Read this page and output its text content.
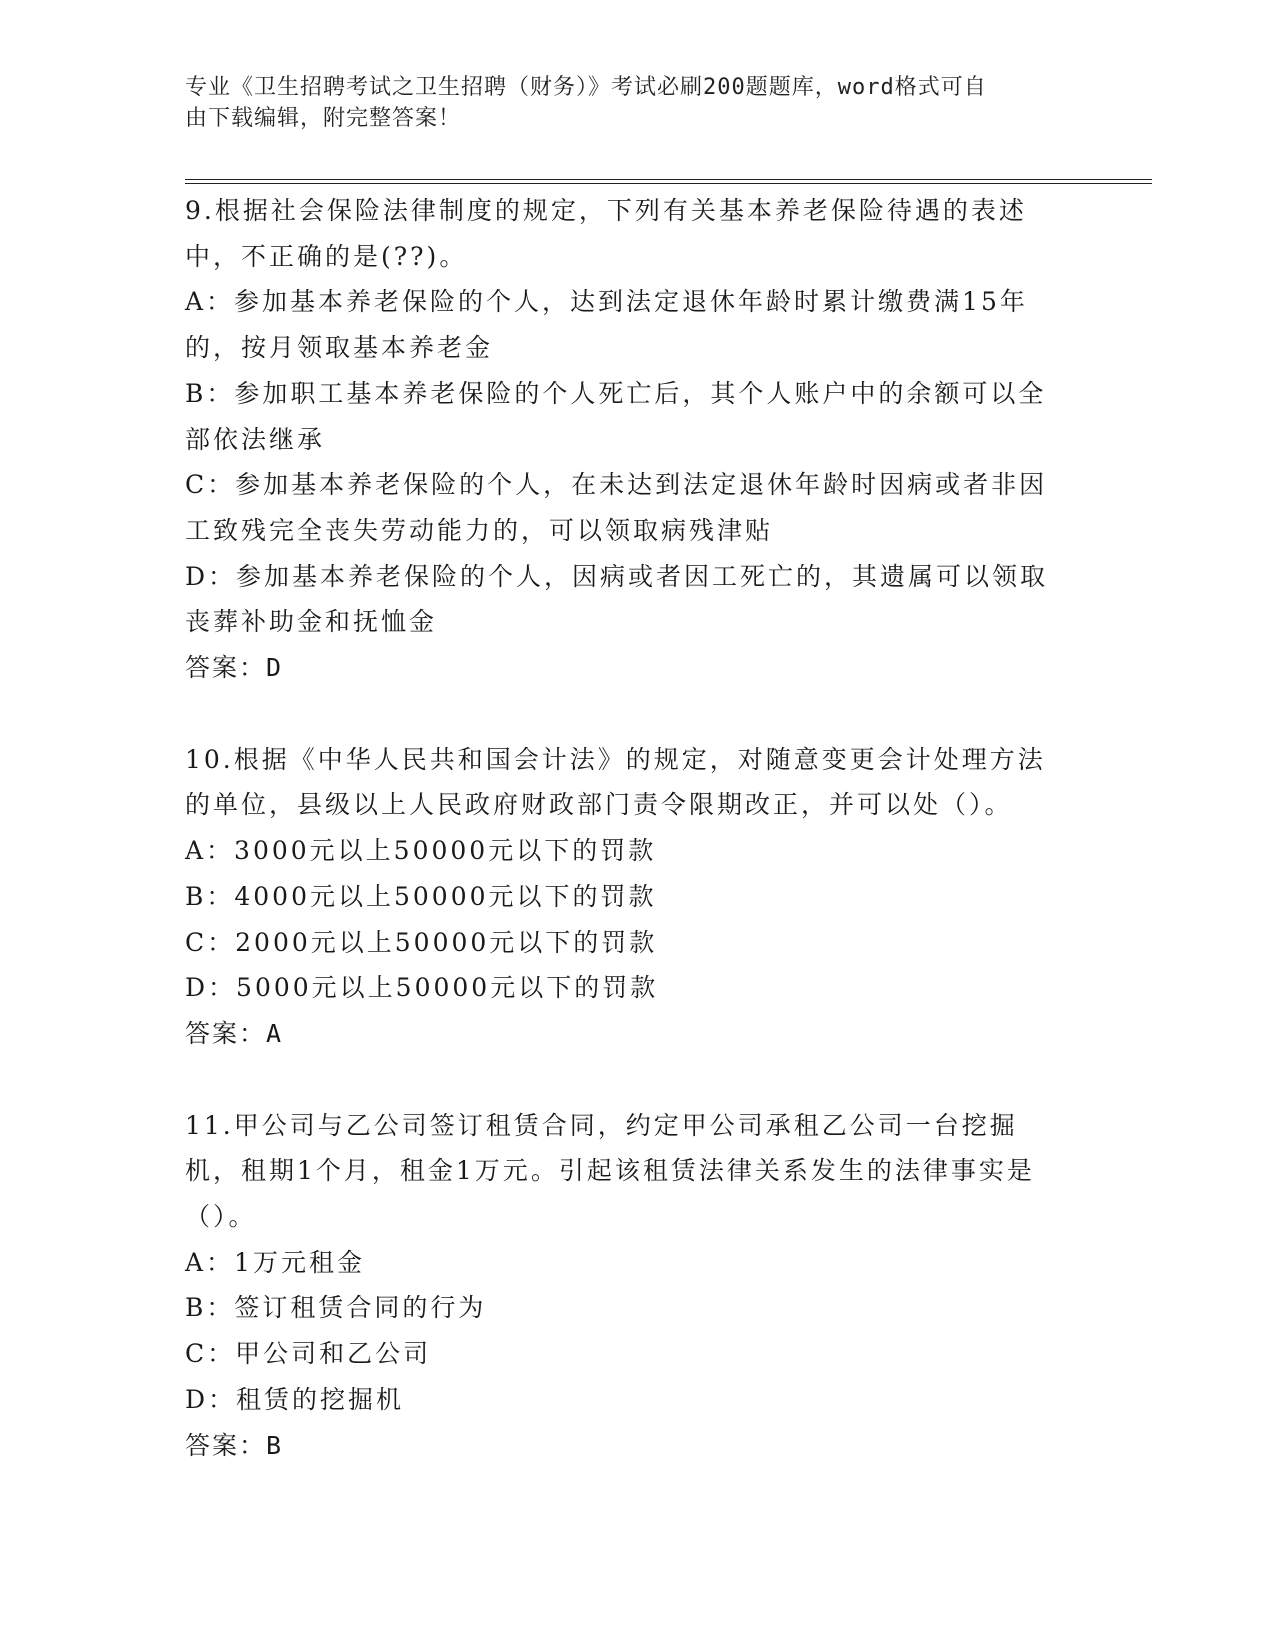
专业《卫生招聘考试之卫生招聘（财务）》考试必刷200题题库，word格式可自
由下载编辑，附完整答案！

9.根据社会保险法律制度的规定，下列有关基本养老保险待遇的表述中，不正确的是(??)。

A：参加基本养老保险的个人，达到法定退休年龄时累计缴费满15年的，按月领取基本养老金

B：参加职工基本养老保险的个人死亡后，其个人账户中的余额可以全部依法继承

C：参加基本养老保险的个人，在未达到法定退休年龄时因病或者非因工致残完全丧失劳动能力的，可以领取病残津贴

D：参加基本养老保险的个人，因病或者因工死亡的，其遗属可以领取丧葬补助金和抚恤金

答案：D

10.根据《中华人民共和国会计法》的规定，对随意变更会计处理方法的单位，县级以上人民政府财政部门责令限期改正，并可以处（）。

A：3000元以上50000元以下的罚款

B：4000元以上50000元以下的罚款

C：2000元以上50000元以下的罚款

D：5000元以上50000元以下的罚款

答案：A

11.甲公司与乙公司签订租赁合同，约定甲公司承租乙公司一台挖掘机，租期1个月，租金1万元。引起该租赁法律关系发生的法律事实是（）。

A：1万元租金

B：签订租赁合同的行为

C：甲公司和乙公司

D：租赁的挖掘机

答案：B
